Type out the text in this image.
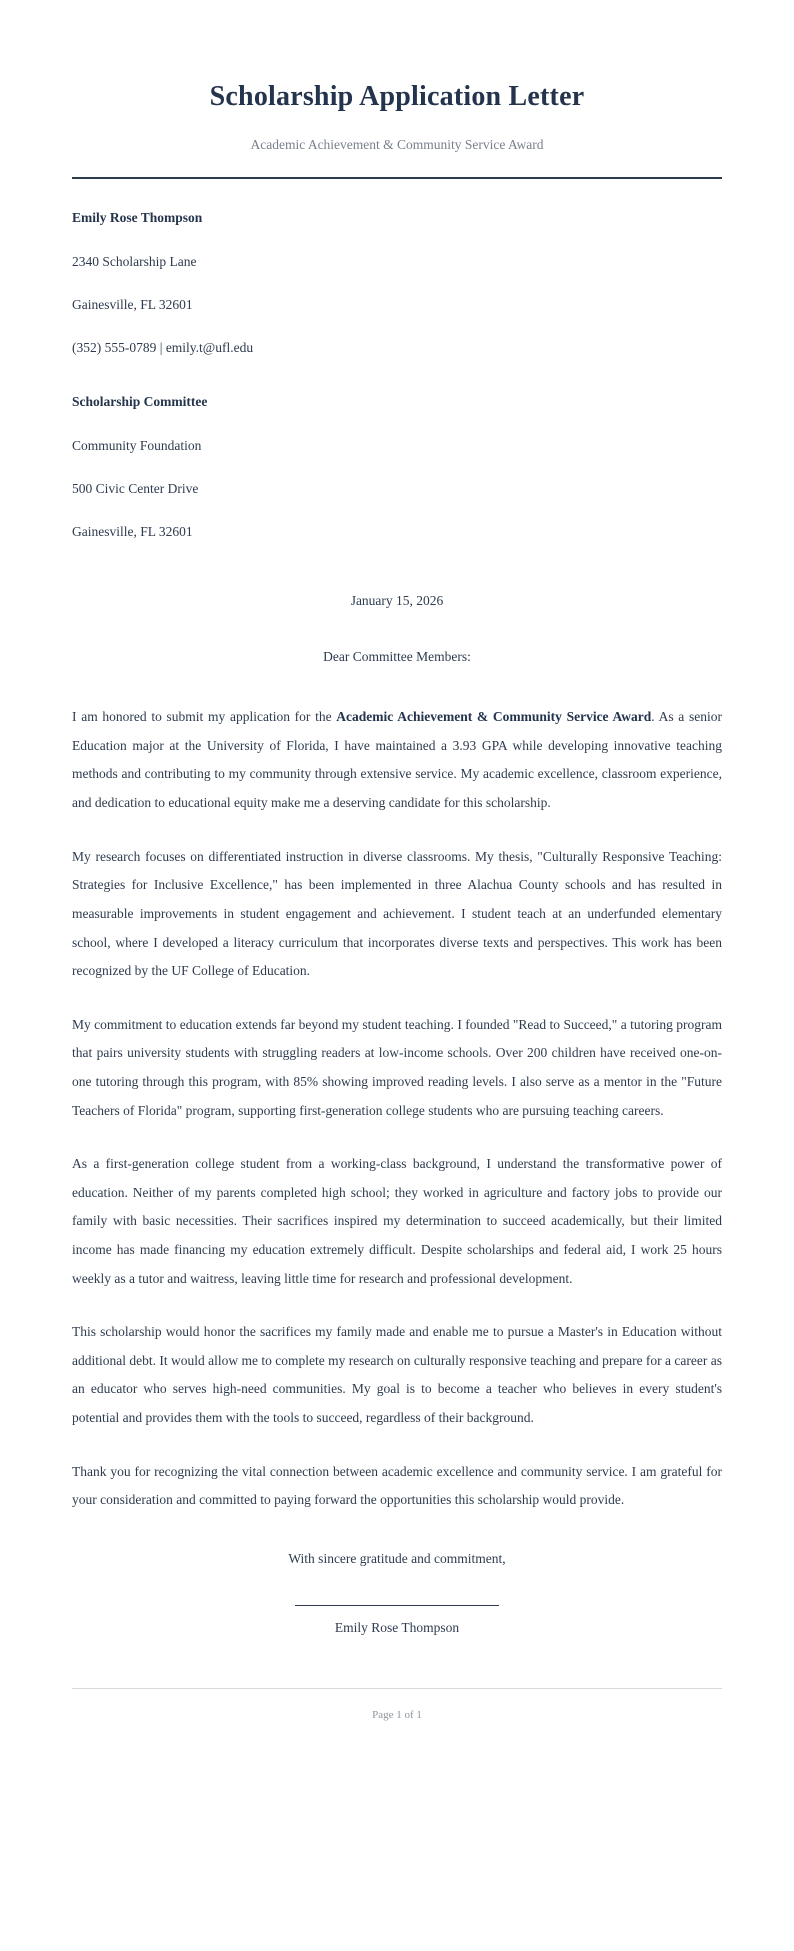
Scholarship Application Letter

Academic Achievement & Community Service Award

Emily Rose Thompson

2340 Scholarship Lane

Gainesville, FL 32601

(352) 555-0789 | emily.t@ufl.edu

Scholarship Committee

Community Foundation

500 Civic Center Drive

Gainesville, FL 32601

January 15, 2026

Dear Committee Members:

I am honored to submit my application for the Academic Achievement & Community Service Award. As a senior Education major at the University of Florida, I have maintained a 3.93 GPA while developing innovative teaching methods and contributing to my community through extensive service. My academic excellence, classroom experience, and dedication to educational equity make me a deserving candidate for this scholarship.

My research focuses on differentiated instruction in diverse classrooms. My thesis, "Culturally Responsive Teaching: Strategies for Inclusive Excellence," has been implemented in three Alachua County schools and has resulted in measurable improvements in student engagement and achievement. I student teach at an underfunded elementary school, where I developed a literacy curriculum that incorporates diverse texts and perspectives. This work has been recognized by the UF College of Education.

My commitment to education extends far beyond my student teaching. I founded "Read to Succeed," a tutoring program that pairs university students with struggling readers at low-income schools. Over 200 children have received one-on-one tutoring through this program, with 85% showing improved reading levels. I also serve as a mentor in the "Future Teachers of Florida" program, supporting first-generation college students who are pursuing teaching careers.

As a first-generation college student from a working-class background, I understand the transformative power of education. Neither of my parents completed high school; they worked in agriculture and factory jobs to provide our family with basic necessities. Their sacrifices inspired my determination to succeed academically, but their limited income has made financing my education extremely difficult. Despite scholarships and federal aid, I work 25 hours weekly as a tutor and waitress, leaving little time for research and professional development.

This scholarship would honor the sacrifices my family made and enable me to pursue a Master's in Education without additional debt. It would allow me to complete my research on culturally responsive teaching and prepare for a career as an educator who serves high-need communities. My goal is to become a teacher who believes in every student's potential and provides them with the tools to succeed, regardless of their background.

Thank you for recognizing the vital connection between academic excellence and community service. I am grateful for your consideration and committed to paying forward the opportunities this scholarship would provide.

With sincere gratitude and commitment,

Emily Rose Thompson
Page 1 of 1
